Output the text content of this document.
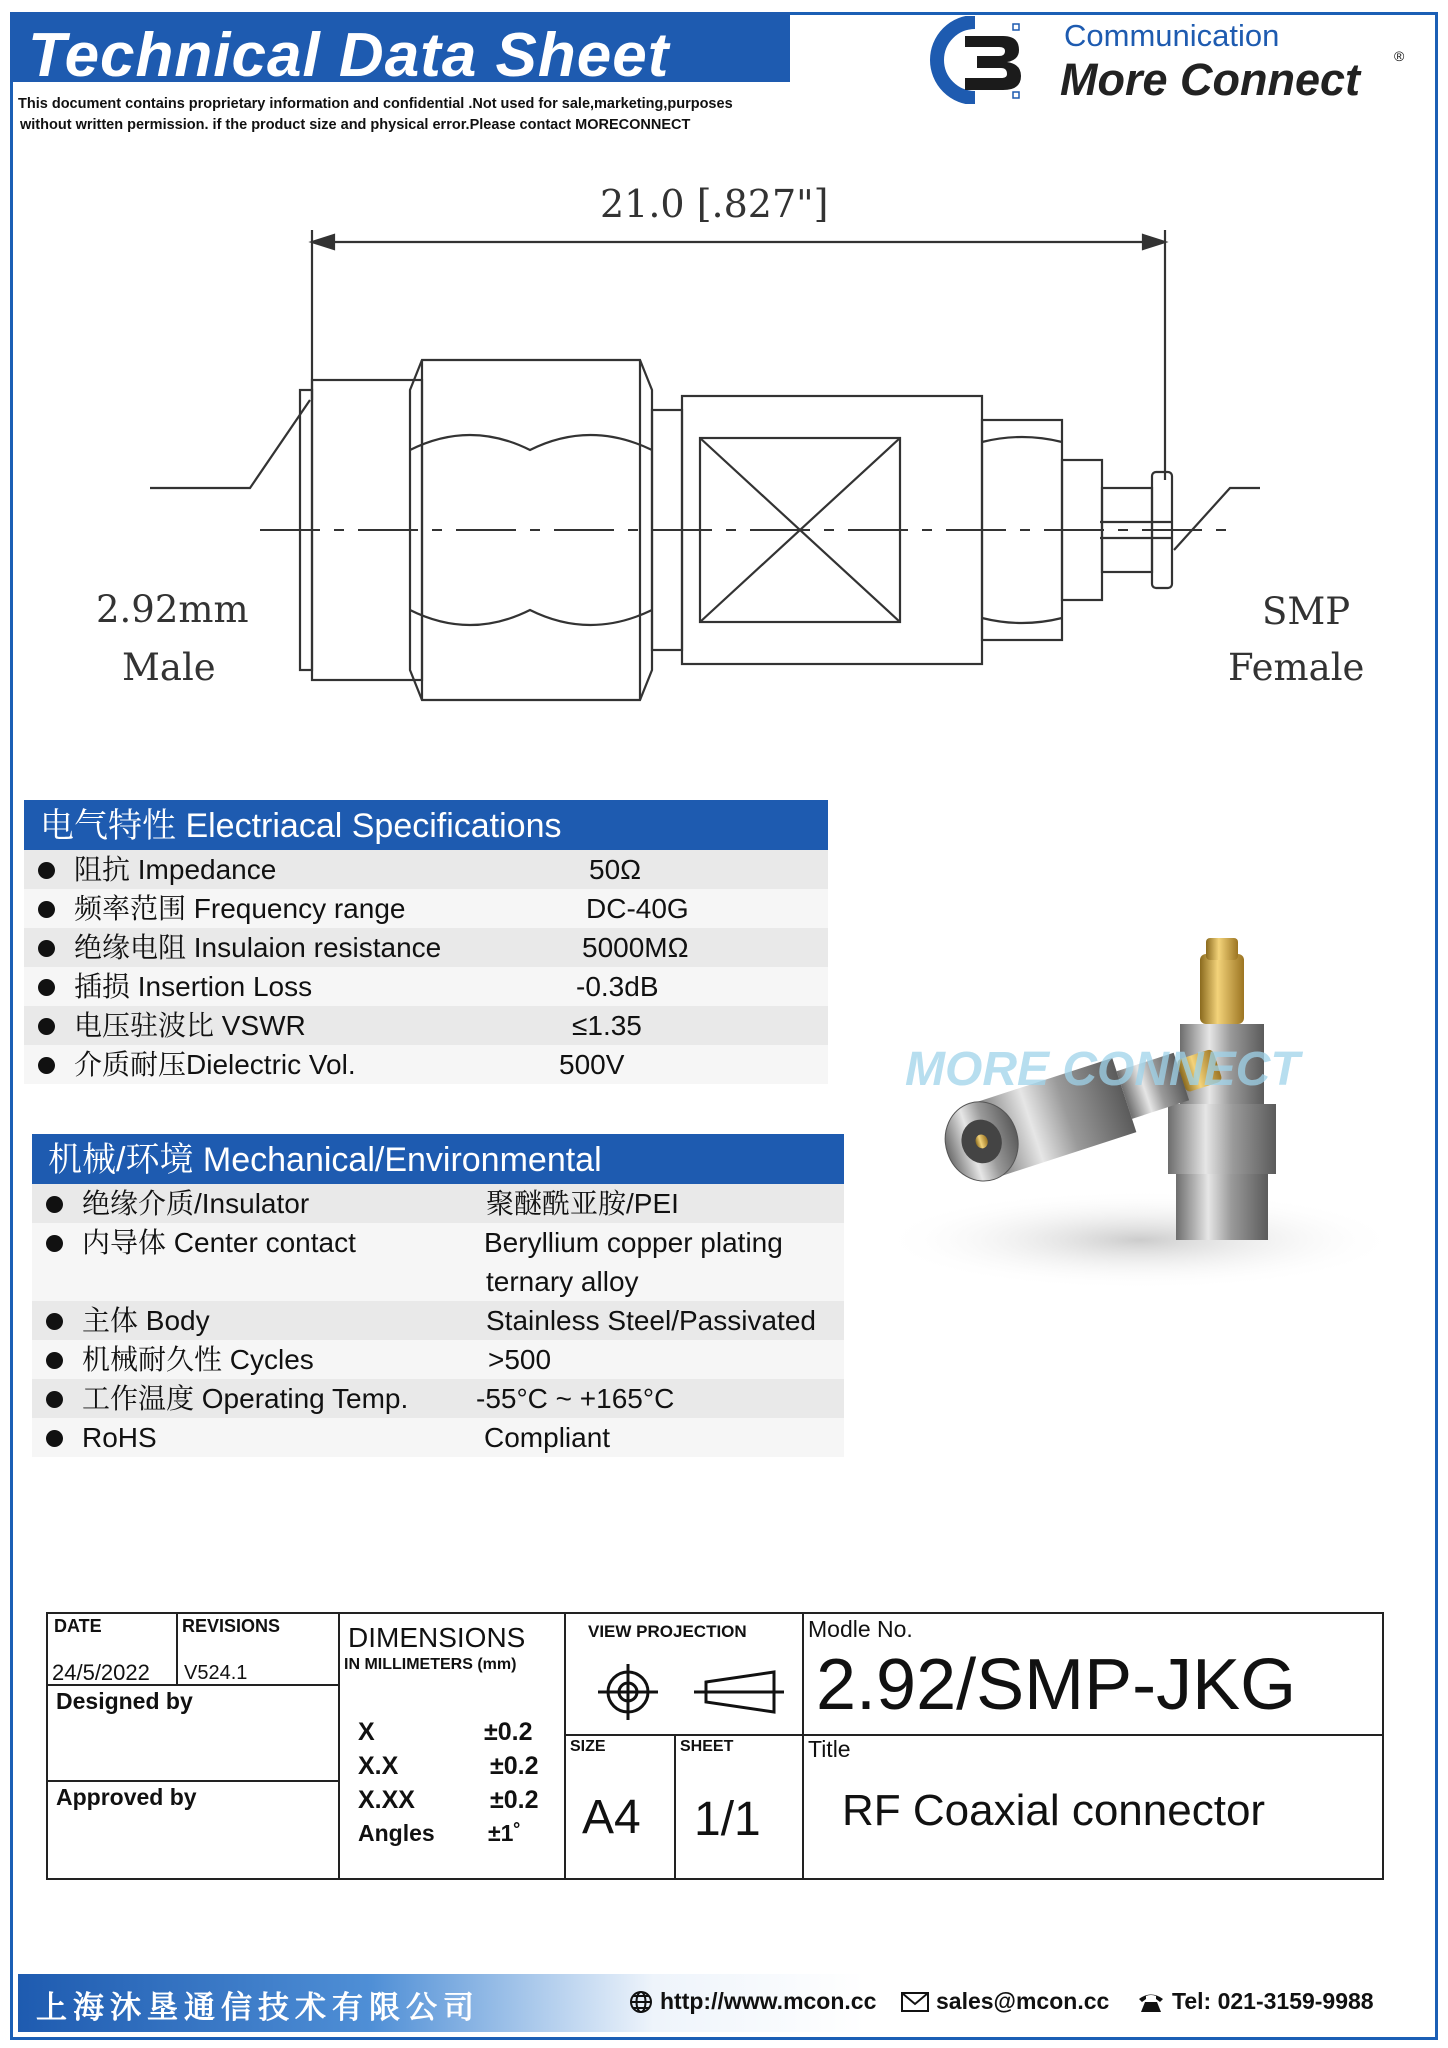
Technical Data Sheet
This document contains proprietary information and confidential .Not used for sale,marketing,purposes
without written permission. if the product size and physical error.Please contact MORECONNECT
Communication
More Connect ®
21.0 [.827"]
2.92mm
Male
SMP
Female
电气特性 Electriacal Specifications
阻抗 Impedance	50Ω
频率范围 Frequency range	DC-40G
绝缘电阻 Insulaion resistance	5000MΩ
插损 Insertion Loss	-0.3dB
电压驻波比 VSWR	≤1.35
介质耐压Dielectric Vol.	500V
机械/环境 Mechanical/Environmental
绝缘介质/Insulator	聚醚酰亚胺/PEI
内导体 Center contact	Beryllium copper plating
ternary alloy
主体 Body	Stainless Steel/Passivated
机械耐久性 Cycles	>500
工作温度 Operating Temp. -55°C ~ +165°C
RoHS	Compliant
MORE CONNECT
DATE
24/5/2022
REVISIONS
V524.1
Designed by
Approved by
DIMENSIONS
IN MILLIMETERS (mm)
X	±0.2
X.X	±0.2
X.XX	±0.2
Angles ±1˚
VIEW PROJECTION
SIZE
A4
SHEET
1/1
Modle No.
2.92/SMP-JKG
Title
RF Coaxial connector
上海沐垦通信技术有限公司	http://www.mcon.cc	sales@mcon.cc	Tel: 021-3159-9988
